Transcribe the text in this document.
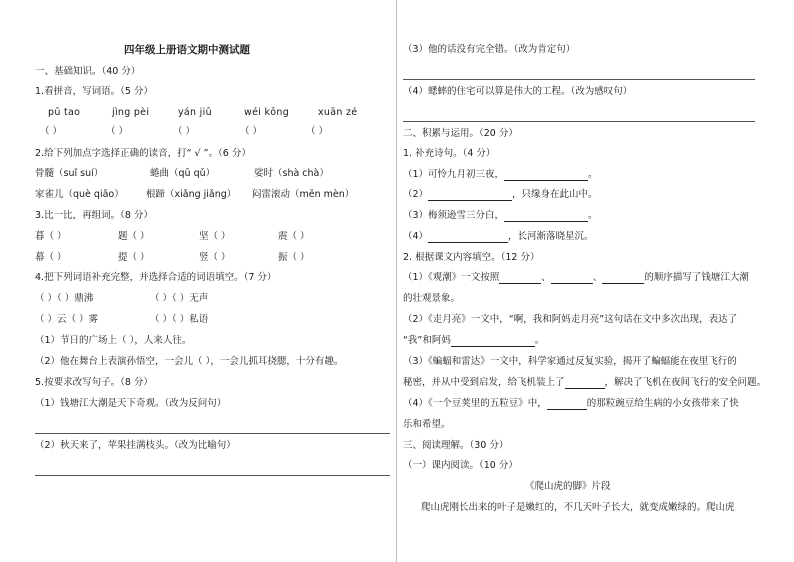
四年级上册语文期中测试题
一、基础知识。（40 分）
1.看拼音，写词语。（5 分）
pū tao	jìng pèi	yán jiū	wéi kōng	xuān zé
（ ）	（ ）	（ ）	（ ）	（ ）
2.给下列加点字选择正确的读音，打“ √ ”。（6 分）
骨髓（suǐ suí）	蜷曲（qū qǔ）	娑时（shà chà）
家雀儿（què qiǎo） 根蹄（xiǎng jiǎng） 闷雷滚动（mēn mèn）
3.比一比，再组词。（8 分）
暮（ ）	题（ ）	坚（ ）	震（ ）
幕（ ）	提（ ）	竖（ ）	振（ ）
4.把下列词语补充完整，并选择合适的词语填空。（7 分）
（ ）（ ）鼎沸	（ ）（ ）无声
（ ）云（ ）雾	（ ）（ ）私语
（1）节日的广场上（ ），人来人往。
（2）他在舞台上表演孙悟空，一会儿（ ），一会儿抓耳挠腮，十分有趣。
5.按要求改写句子。（8 分）
（1）钱塘江大潮是天下奇观。（改为反问句）
（2）秋天来了，苹果挂满枝头。（改为比喻句）
（3）他的话没有完全错。（改为肯定句）
（4）蟋蟀的住宅可以算是伟大的工程。（改为感叹句）
二、积累与运用。（20 分）
1. 补充诗句。（4 分）
（1）可怜九月初三夜，	。
（2）	，只缘身在此山中。
（3）梅须逊雪三分白，	。
（4）	，长河渐落晓星沉。
2. 根据课文内容填空。（12 分）
（1）《观潮》一文按照	、	、	的顺序描写了钱塘江大潮
的壮观景象。
（2）《走月亮》一文中，“啊，我和阿妈走月亮”这句话在文中多次出现，表达了
“我”和阿妈	。
（3）《蝙蝠和雷达》一文中，科学家通过反复实验，揭开了蝙蝠能在夜里飞行的
秘密，并从中受到启发，给飞机装上了	，解决了飞机在夜间飞行的安全问题。
（4）《一个豆荚里的五粒豆》中，	的那粒豌豆给生病的小女孩带来了快
乐和希望。
三、阅读理解。（30 分）
（一）课内阅读。（10 分）
《爬山虎的脚》片段
爬山虎刚长出来的叶子是嫩红的，不几天叶子长大，就变成嫩绿的。爬山虎
